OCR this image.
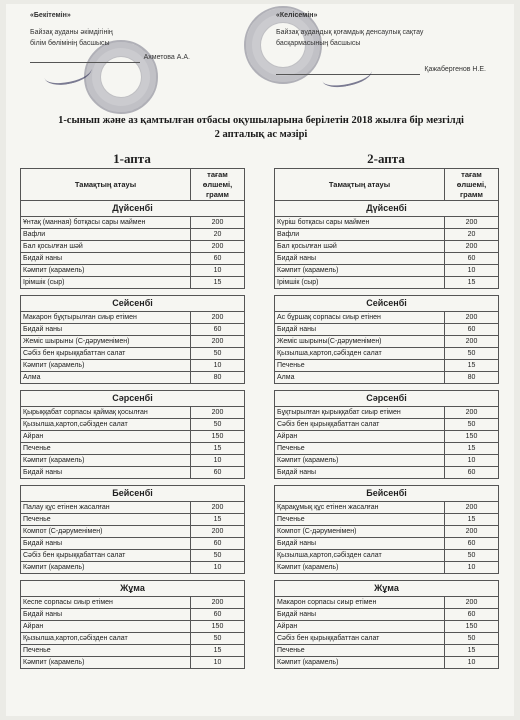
«Бекітемін»
Байзақ ауданы әкімдігінің
білім бөлімінің басшысы
Ахметова А.А.
«Келісемін»
Байзақ аудандық қоғамдық денсаулық сақтау
басқармасының басшысы
Қажабергенов Н.Е.
1-сынып және аз қамтылған отбасы оқушыларына берілетін 2018 жылға бір мезгілді
2 апталық ас мәзірі
1-апта
Тамақтың атауы	тағам өлшемі, грамм
Дүйсенбі	
Ұнтақ (манная) ботқасы сары маймен	200
Вафли	20
Бал қосылған шәй	200
Бидай наны	60
Кәмпит (карамель)	10
Ірімшік (сыр)	15

Сейсенбі	
Макарон бұқтырылған сиыр етімен	200
Бидай наны	60
Жеміс шырыны (С-дәруменімен)	200
Сәбіз бен қырыққабаттан салат	50
Кәмпит (карамель)	10
Алма	80

Сәрсенбі	
Қырыққабат сорпасы қаймақ қосылған	200
Қызылша,картоп,сәбізден салат	50
Айран	150
Печенье	15
Кәмпит (карамель)	10
Бидай наны	60

Бейсенбі	
Палау құс етінен жасалған	200
Печенье	15
Компот (С-дәруменімен)	200
Бидай наны	60
Сәбіз бен қырыққабаттан салат	50
Кәмпит (карамель)	10

Жұма	
Кеспе сорпасы сиыр етімен	200
Бидай наны	60
Айран	150
Қызылша,картоп,сәбізден салат	50
Печенье	15
Кәмпит (карамель)	10
2-апта
Тамақтың атауы	тағам өлшемі, грамм
Дүйсенбі	
Күріш ботқасы сары маймен	200
Вафли	20
Бал қосылған шәй	200
Бидай наны	60
Кәмпит (карамель)	10
Ірімшік (сыр)	15

Сейсенбі	
Ас бұршақ сорпасы сиыр етінен	200
Бидай наны	60
Жеміс шырыны(С-дәруменімен)	200
Қызылша,картоп,сәбізден салат	50
Печенье	15
Алма	80

Сәрсенбі	
Бұқтырылған қырыққабат сиыр етімен	200
Сәбіз бен қырыққабаттан салат	50
Айран	150
Печенье	15
Кәмпит (карамель)	10
Бидай наны	60

Бейсенбі	
Қарақұмық құс етінен жасалған	200
Печенье	15
Компот (С-дәруменімен)	200
Бидай наны	60
Қызылша,картоп,сәбізден салат	50
Кәмпит (карамель)	10

Жұма	
Макарон сорпасы сиыр етімен	200
Бидай наны	60
Айран	150
Сәбіз бен қырыққабаттан салат	50
Печенье	15
Кәмпит (карамель)	10
